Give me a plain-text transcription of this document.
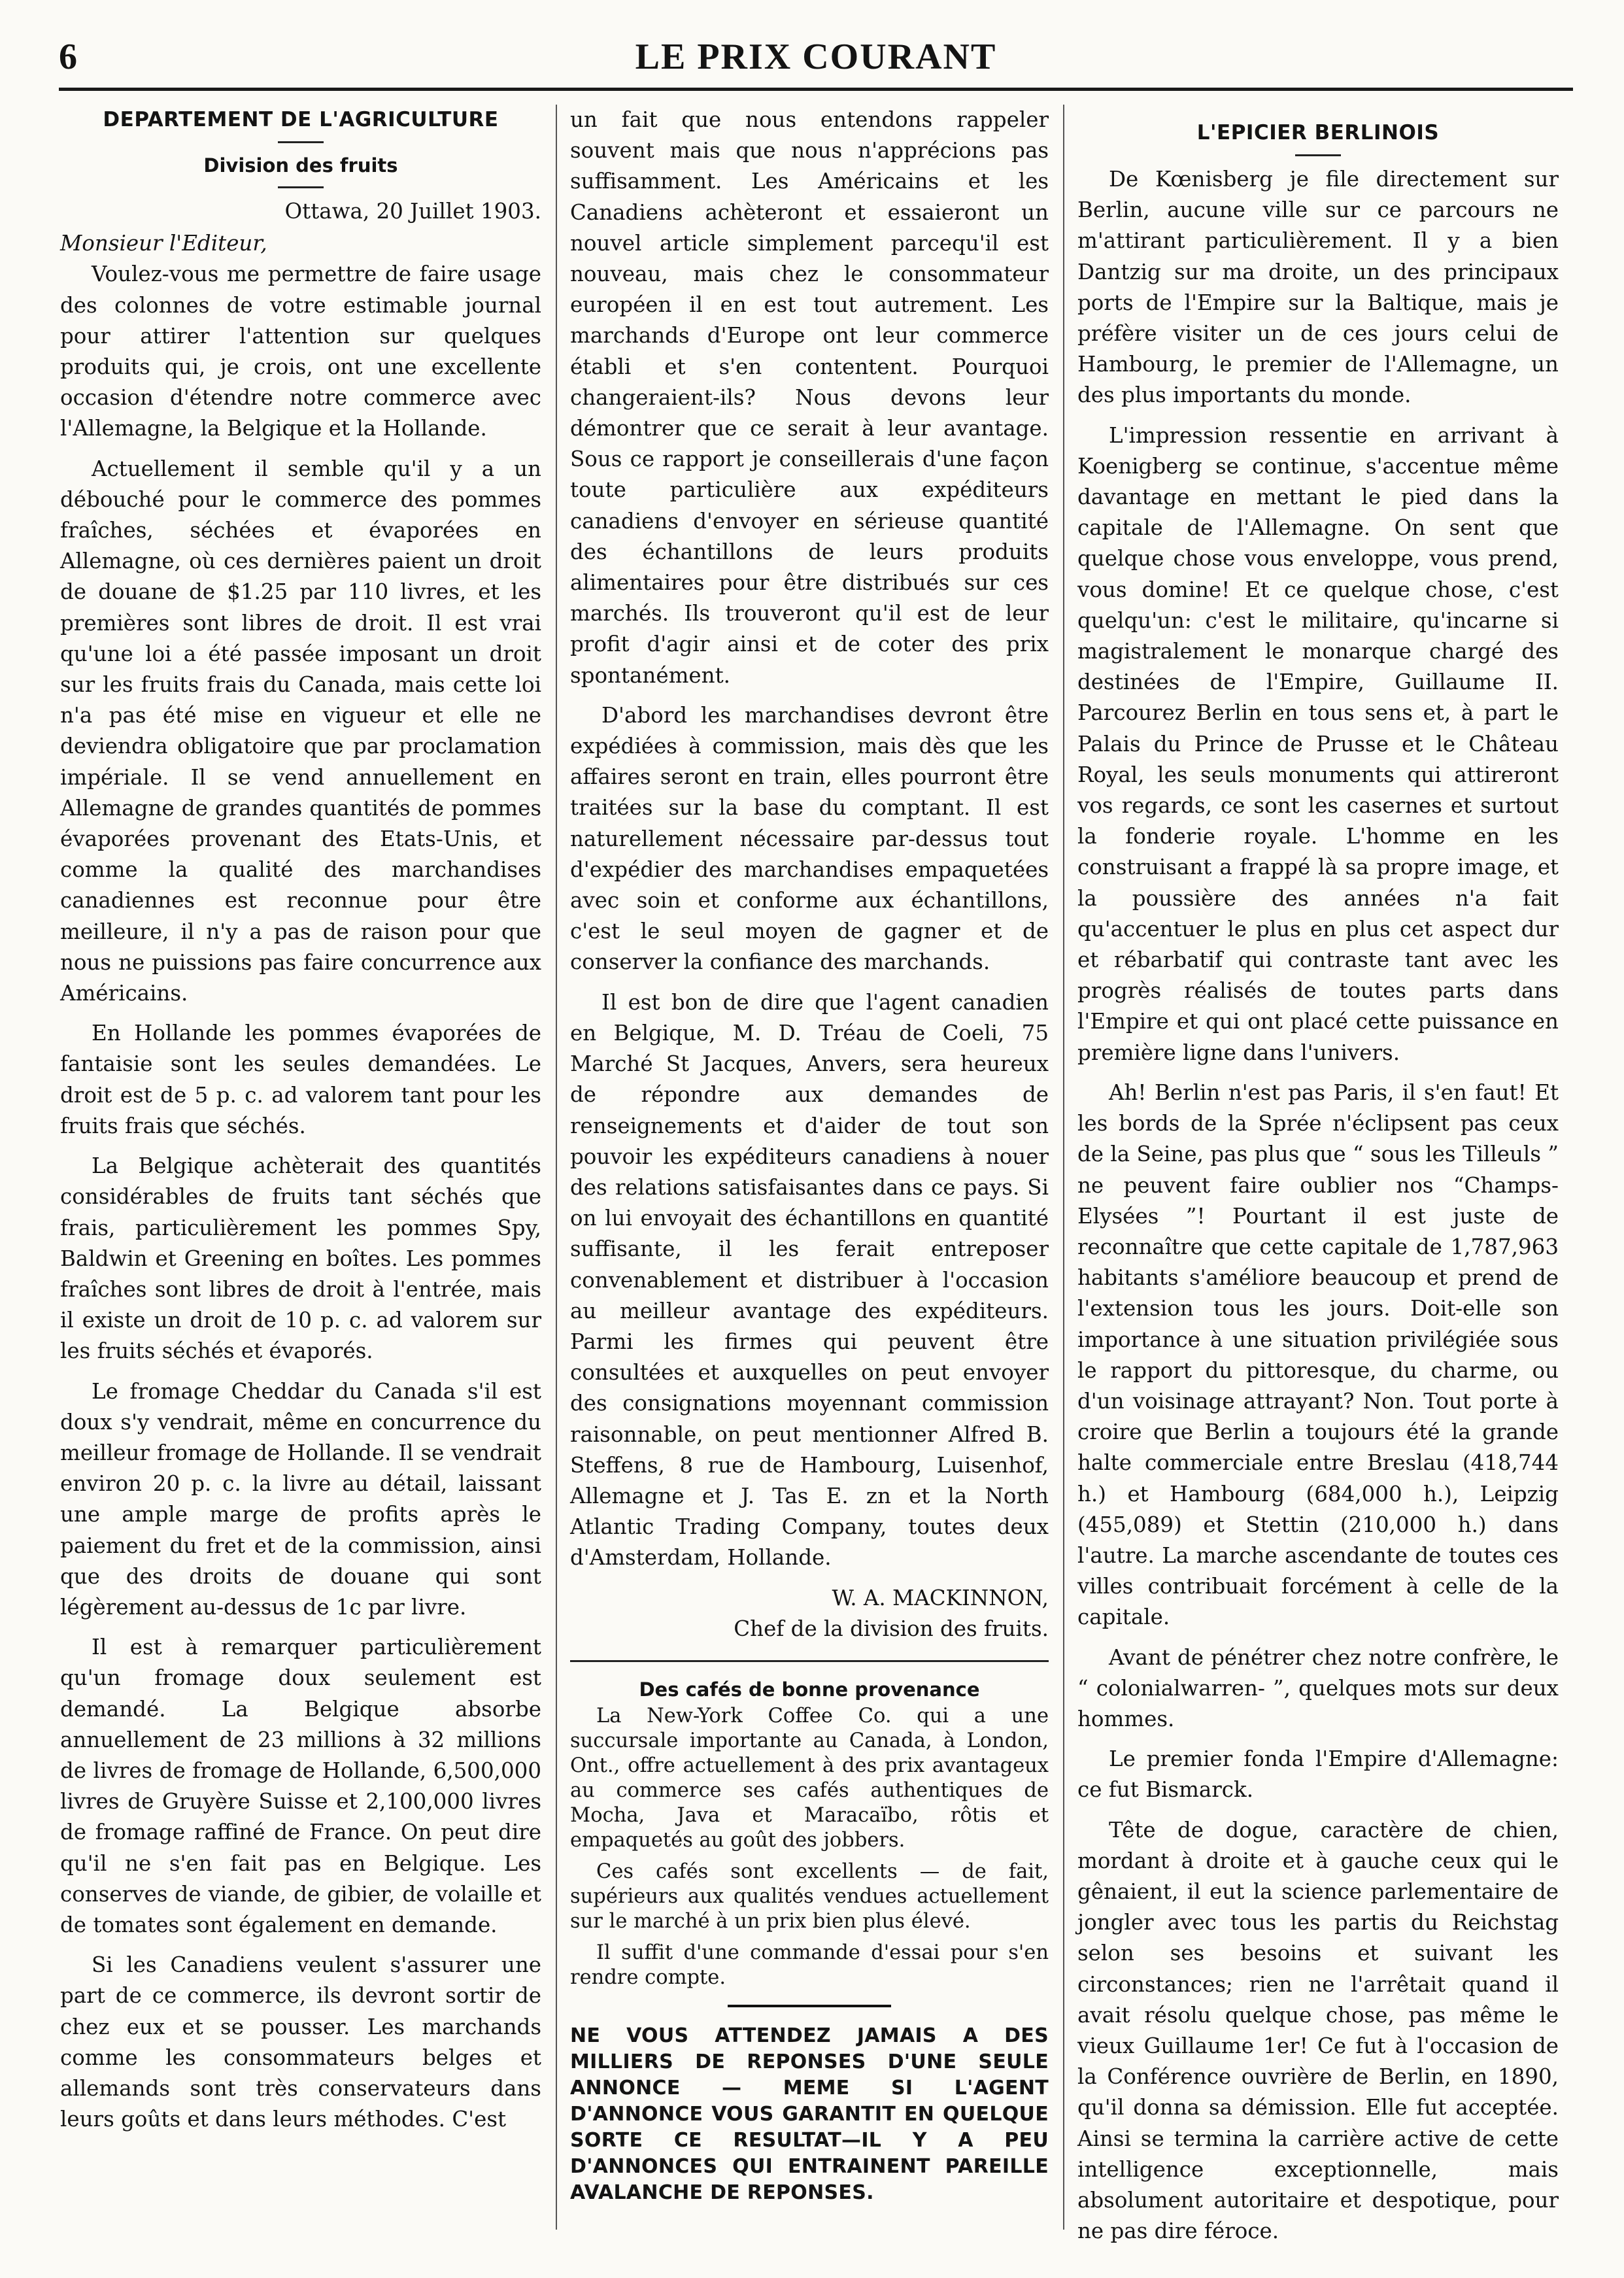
6	LE PRIX COURANT
DEPARTEMENT DE L'AGRICULTURE
Division des fruits
Ottawa, 20 Juillet 1903.
Monsieur l'Editeur,

Voulez-vous me permettre de faire usage des colonnes de votre estimable journal pour attirer l'attention sur quelques produits qui, je crois, ont une excellente occasion d'étendre notre commerce avec l'Allemagne, la Belgique et la Hollande.

Actuellement il semble qu'il y a un débouché pour le commerce des pommes fraîches, séchées et évaporées en Allemagne, où ces dernières paient un droit de douane de $1.25 par 110 livres, et les premières sont libres de droit. Il est vrai qu'une loi a été passée imposant un droit sur les fruits frais du Canada, mais cette loi n'a pas été mise en vigueur et elle ne deviendra obligatoire que par proclamation impériale. Il se vend annuellement en Allemagne de grandes quantités de pommes évaporées provenant des Etats-Unis, et comme la qualité des marchandises canadiennes est reconnue pour être meilleure, il n'y a pas de raison pour que nous ne puissions pas faire concurrence aux Américains.

En Hollande les pommes évaporées de fantaisie sont les seules demandées. Le droit est de 5 p. c. ad valorem tant pour les fruits frais que séchés.

La Belgique achèterait des quantités considérables de fruits tant séchés que frais, particulièrement les pommes Spy, Baldwin et Greening en boîtes. Les pommes fraîches sont libres de droit à l'entrée, mais il existe un droit de 10 p. c. ad valorem sur les fruits séchés et évaporés.

Le fromage Cheddar du Canada s'il est doux s'y vendrait, même en concurrence du meilleur fromage de Hollande. Il se vendrait environ 20 p. c. la livre au détail, laissant une ample marge de profits après le paiement du fret et de la commission, ainsi que des droits de douane qui sont légèrement au-dessus de 1c par livre.

Il est à remarquer particulièrement qu'un fromage doux seulement est demandé. La Belgique absorbe annuellement de 23 millions à 32 millions de livres de fromage de Hollande, 6,500,000 livres de Gruyère Suisse et 2,100,000 livres de fromage raffiné de France. On peut dire qu'il ne s'en fait pas en Belgique. Les conserves de viande, de gibier, de volaille et de tomates sont également en demande.

Si les Canadiens veulent s'assurer une part de ce commerce, ils devront sortir de chez eux et se pousser. Les marchands comme les consommateurs belges et allemands sont très conservateurs dans leurs goûts et dans leurs méthodes. C'est

un fait que nous entendons rappeler souvent mais que nous n'apprécions pas suffisamment. Les Américains et les Canadiens achèteront et essaieront un nouvel article simplement parcequ'il est nouveau, mais chez le consommateur européen il en est tout autrement. Les marchands d'Europe ont leur commerce établi et s'en contentent. Pourquoi changeraient-ils? Nous devons leur démontrer que ce serait à leur avantage. Sous ce rapport je conseillerais d'une façon toute particulière aux expéditeurs canadiens d'envoyer en sérieuse quantité des échantillons de leurs produits alimentaires pour être distribués sur ces marchés. Ils trouveront qu'il est de leur profit d'agir ainsi et de coter des prix spontanément.

D'abord les marchandises devront être expédiées à commission, mais dès que les affaires seront en train, elles pourront être traitées sur la base du comptant. Il est naturellement nécessaire par-dessus tout d'expédier des marchandises empaquetées avec soin et conforme aux échantillons, c'est le seul moyen de gagner et de conserver la confiance des marchands.

Il est bon de dire que l'agent canadien en Belgique, M. D. Tréau de Coeli, 75 Marché St Jacques, Anvers, sera heureux de répondre aux demandes de renseignements et d'aider de tout son pouvoir les expéditeurs canadiens à nouer des relations satisfaisantes dans ce pays. Si on lui envoyait des échantillons en quantité suffisante, il les ferait entreposer convenablement et distribuer à l'occasion au meilleur avantage des expéditeurs. Parmi les firmes qui peuvent être consultées et auxquelles on peut envoyer des consignations moyennant commission raisonnable, on peut mentionner Alfred B. Steffens, 8 rue de Hambourg, Luisenhof, Allemagne et J. Tas E. zn et la North Atlantic Trading Company, toutes deux d'Amsterdam, Hollande.

W. A. MACKINNON,
Chef de la division des fruits.
Des cafés de bonne provenance

La New-York Coffee Co. qui a une succursale importante au Canada, à London, Ont., offre actuellement à des prix avantageux au commerce ses cafés authentiques de Mocha, Java et Maracaïbo, rôtis et empaquetés au goût des jobbers.

Ces cafés sont excellents — de fait, supérieurs aux qualités vendues actuellement sur le marché à un prix bien plus élevé.

Il suffit d'une commande d'essai pour s'en rendre compte.

NE VOUS ATTENDEZ JAMAIS A DES MILLIERS DE REPONSES D'UNE SEULE ANNONCE — MEME SI L'AGENT D'ANNONCE VOUS GARANTIT EN QUELQUE SORTE CE RESULTAT—IL Y A PEU D'ANNONCES QUI ENTRAINENT PAREILLE AVALANCHE DE REPONSES.
L'EPICIER BERLINOIS

De Kœnisberg je file directement sur Berlin, aucune ville sur ce parcours ne m'attirant particulièrement. Il y a bien Dantzig sur ma droite, un des principaux ports de l'Empire sur la Baltique, mais je préfère visiter un de ces jours celui de Hambourg, le premier de l'Allemagne, un des plus importants du monde.

L'impression ressentie en arrivant à Koenigberg se continue, s'accentue même davantage en mettant le pied dans la capitale de l'Allemagne. On sent que quelque chose vous enveloppe, vous prend, vous domine! Et ce quelque chose, c'est quelqu'un: c'est le militaire, qu'incarne si magistralement le monarque chargé des destinées de l'Empire, Guillaume II. Parcourez Berlin en tous sens et, à part le Palais du Prince de Prusse et le Château Royal, les seuls monuments qui attireront vos regards, ce sont les casernes et surtout la fonderie royale. L'homme en les construisant a frappé là sa propre image, et la poussière des années n'a fait qu'accentuer le plus en plus cet aspect dur et rébarbatif qui contraste tant avec les progrès réalisés de toutes parts dans l'Empire et qui ont placé cette puissance en première ligne dans l'univers.

Ah! Berlin n'est pas Paris, il s'en faut! Et les bords de la Sprée n'éclipsent pas ceux de la Seine, pas plus que “ sous les Tilleuls ” ne peuvent faire oublier nos “Champs-Elysées ”! Pourtant il est juste de reconnaître que cette capitale de 1,787,963 habitants s'améliore beaucoup et prend de l'extension tous les jours. Doit-elle son importance à une situation privilégiée sous le rapport du pittoresque, du charme, ou d'un voisinage attrayant? Non. Tout porte à croire que Berlin a toujours été la grande halte commerciale entre Breslau (418,744 h.) et Hambourg (684,000 h.), Leipzig (455,089) et Stettin (210,000 h.) dans l'autre. La marche ascendante de toutes ces villes contribuait forcément à celle de la capitale.

Avant de pénétrer chez notre confrère, le “ colonialwarren- ”, quelques mots sur deux hommes.

Le premier fonda l'Empire d'Allemagne: ce fut Bismarck.

Tête de dogue, caractère de chien, mordant à droite et à gauche ceux qui le gênaient, il eut la science parlementaire de jongler avec tous les partis du Reichstag selon ses besoins et suivant les circonstances; rien ne l'arrêtait quand il avait résolu quelque chose, pas même le vieux Guillaume 1er! Ce fut à l'occasion de la Conférence ouvrière de Berlin, en 1890, qu'il donna sa démission. Elle fut acceptée. Ainsi se termina la carrière active de cette intelligence exceptionnelle, mais absolument autoritaire et despotique, pour ne pas dire féroce.
